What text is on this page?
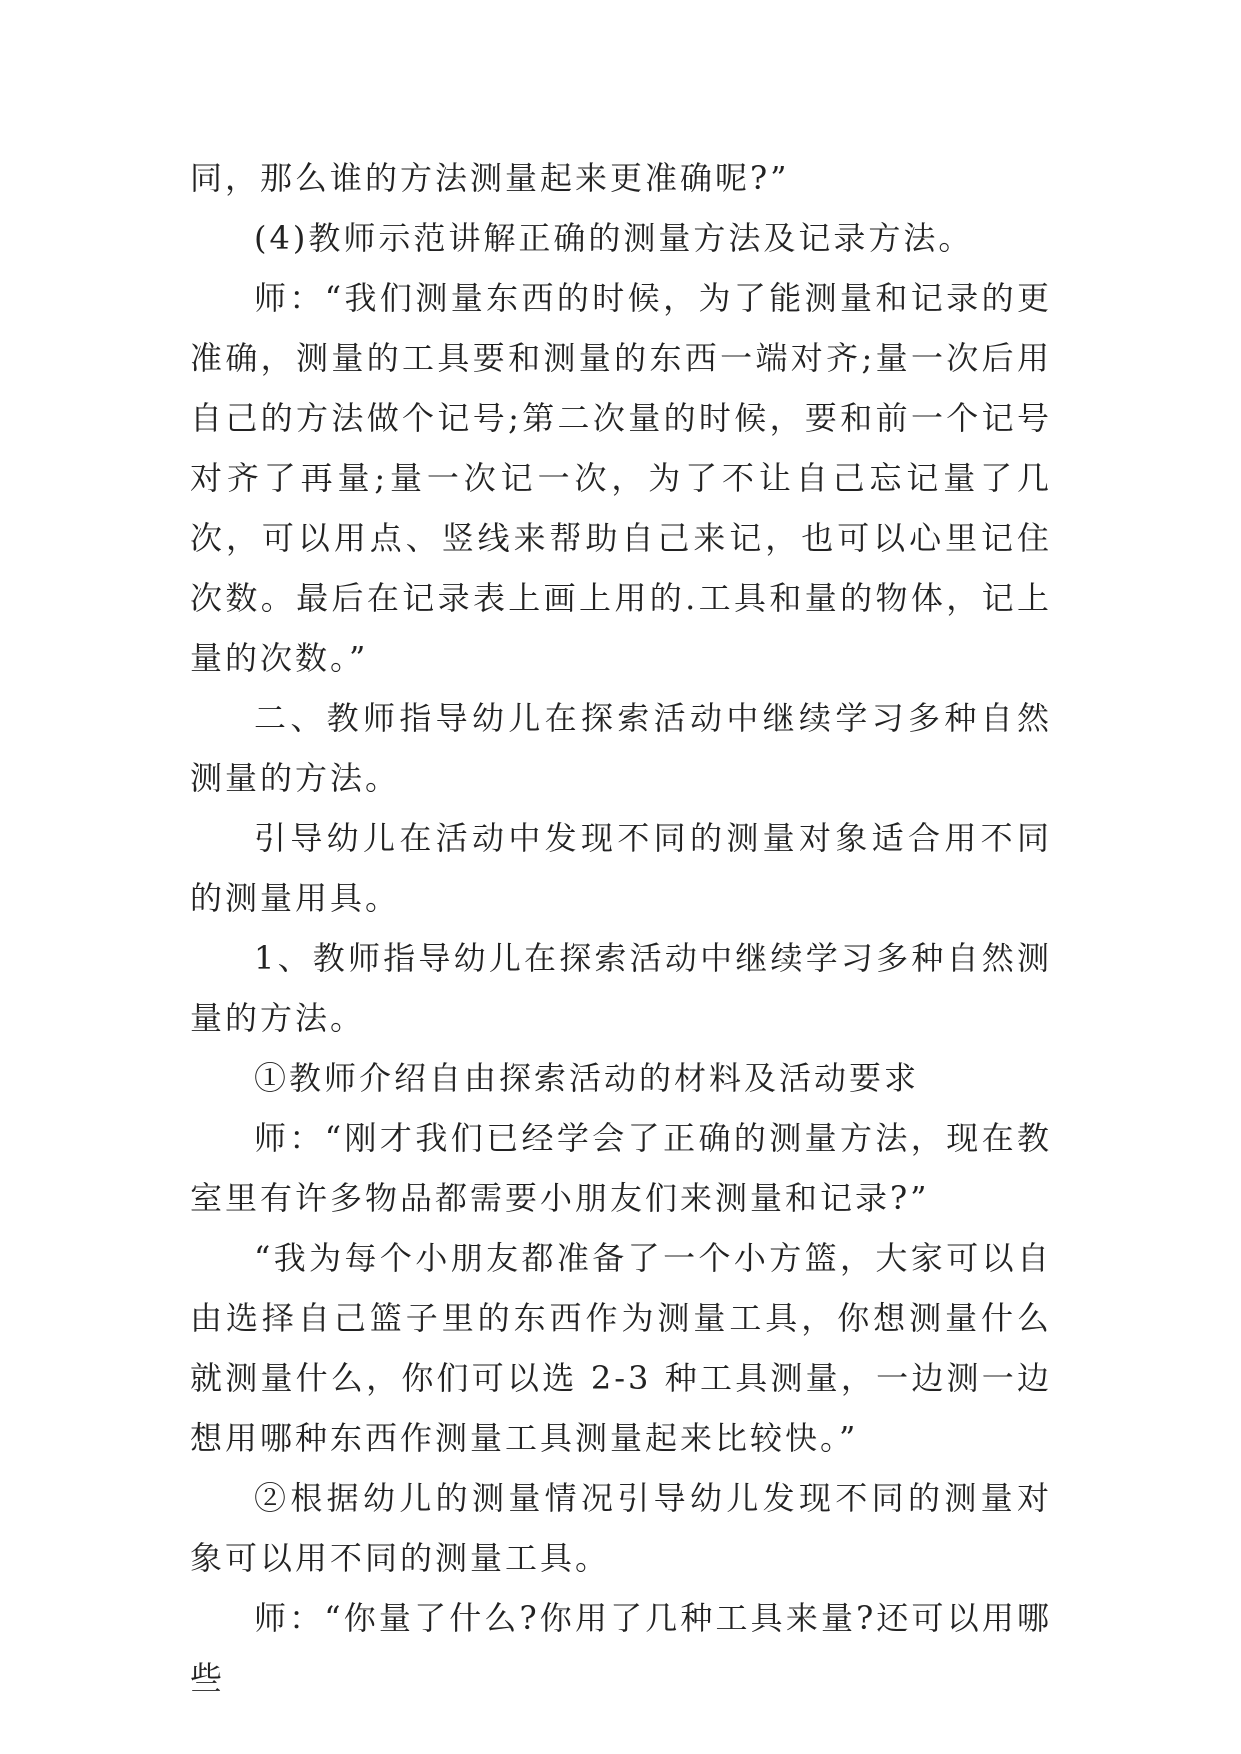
同，那么谁的方法测量起来更准确呢?”

(4)教师示范讲解正确的测量方法及记录方法。

师：“我们测量东西的时候，为了能测量和记录的更准确，测量的工具要和测量的东西一端对齐;量一次后用自己的方法做个记号;第二次量的时候，要和前一个记号对齐了再量;量一次记一次，为了不让自己忘记量了几次，可以用点、竖线来帮助自己来记，也可以心里记住次数。最后在记录表上画上用的.工具和量的物体，记上量的次数。”

二、教师指导幼儿在探索活动中继续学习多种自然测量的方法。

引导幼儿在活动中发现不同的测量对象适合用不同的测量用具。

1、教师指导幼儿在探索活动中继续学习多种自然测量的方法。

①教师介绍自由探索活动的材料及活动要求

师：“刚才我们已经学会了正确的测量方法，现在教室里有许多物品都需要小朋友们来测量和记录?”

“我为每个小朋友都准备了一个小方篮，大家可以自由选择自己篮子里的东西作为测量工具，你想测量什么就测量什么，你们可以选 2-3 种工具测量，一边测一边想用哪种东西作测量工具测量起来比较快。”

②根据幼儿的测量情况引导幼儿发现不同的测量对象可以用不同的测量工具。

师：“你量了什么?你用了几种工具来量?还可以用哪些
